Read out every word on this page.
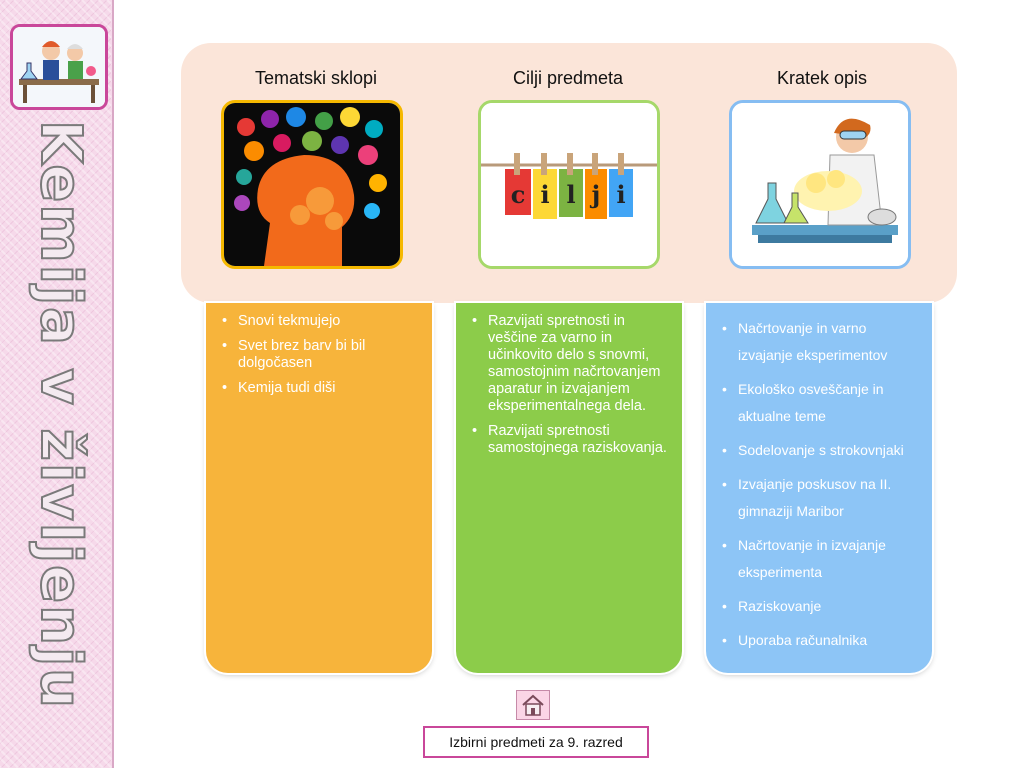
Kemija v življenju
Tematski sklopi	Cilji predmeta	Kratek opis
c i l j i
• Snovi tekmujejo
• Svet brez barv bi bil dolgočasen
• Kemija tudi diši
• Razvijati spretnosti in veščine za varno in učinkovito delo s snovmi, samostojnim načrtovanjem aparatur in izvajanjem eksperimentalnega dela.
• Razvijati spretnosti samostojnega raziskovanja.
• Načrtovanje in varno izvajanje eksperimentov
• Ekološko osveščanje in aktualne teme
• Sodelovanje s strokovnjaki
• Izvajanje poskusov na II. gimnaziji Maribor
• Načrtovanje in izvajanje eksperimenta
• Raziskovanje
• Uporaba računalnika
Izbirni predmeti za 9. razred
